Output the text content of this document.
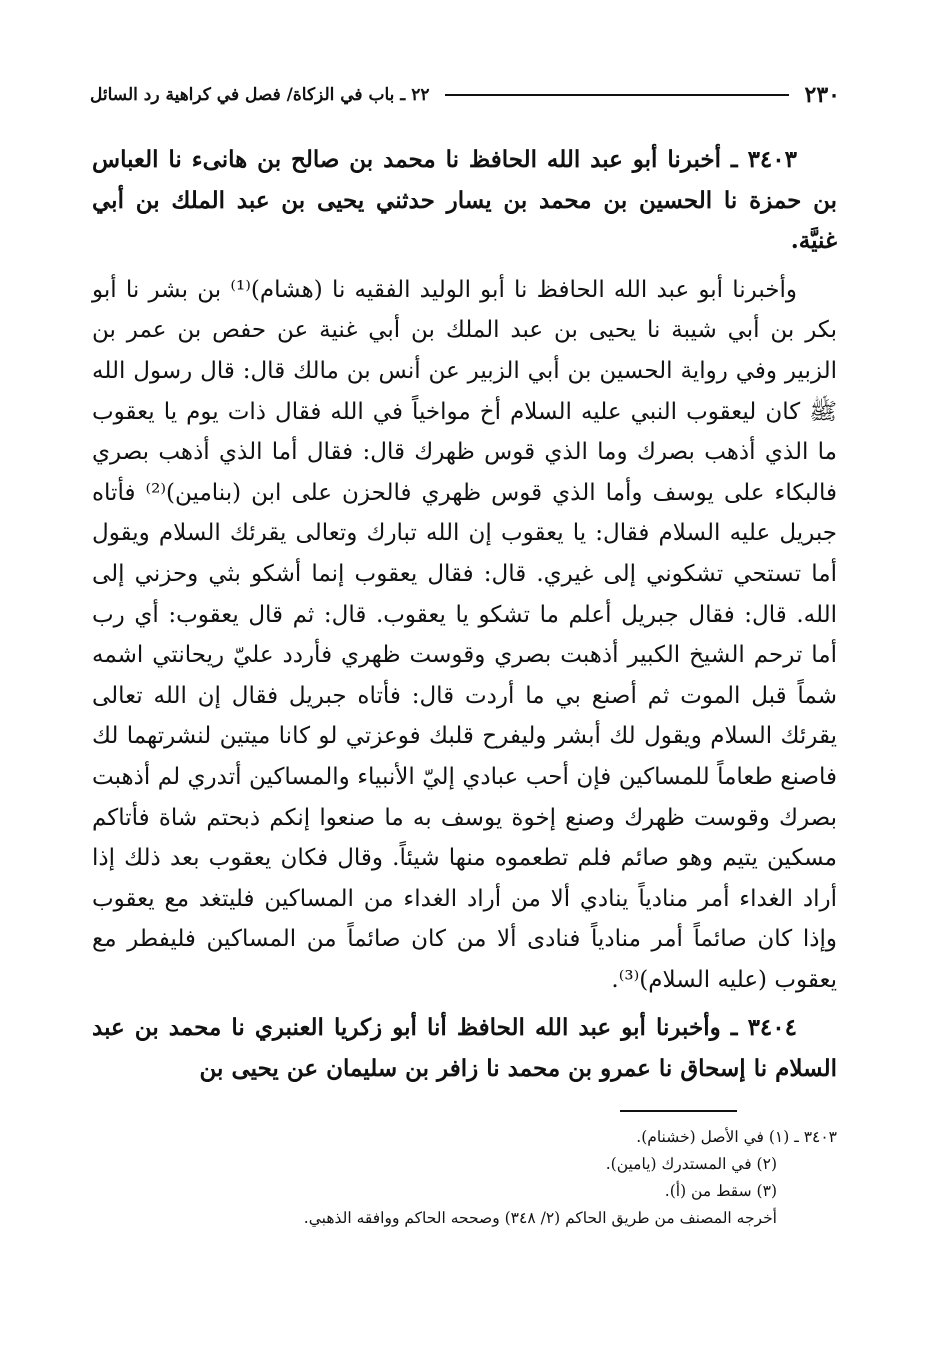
٢٣٠
٢٢ ـ باب في الزكاة/ فصل في كراهية رد السائل

٣٤٠٣ ـ أخبرنا أبو عبد الله الحافظ نا محمد بن صالح بن هانىء نا العباس بن حمزة نا الحسين بن محمد بن يسار حدثني يحيى بن عبد الملك بن أبي غنيَّة.

وأخبرنا أبو عبد الله الحافظ نا أبو الوليد الفقيه نا (هشام)⁽¹⁾ بن بشر نا أبو بكر بن أبي شيبة نا يحيى بن عبد الملك بن أبي غنية عن حفص بن عمر بن الزبير وفي رواية الحسين بن أبي الزبير عن أنس بن مالك قال: قال رسول الله ﷺ كان ليعقوب النبي عليه السلام أخ مواخياً في الله فقال ذات يوم يا يعقوب ما الذي أذهب بصرك وما الذي قوس ظهرك قال: فقال أما الذي أذهب بصري فالبكاء على يوسف وأما الذي قوس ظهري فالحزن على ابن (بنامين)⁽²⁾ فأتاه جبريل عليه السلام فقال: يا يعقوب إن الله تبارك وتعالى يقرئك السلام ويقول أما تستحي تشكوني إلى غيري. قال: فقال يعقوب إنما أشكو بثي وحزني إلى الله. قال: فقال جبريل أعلم ما تشكو يا يعقوب. قال: ثم قال يعقوب: أي رب أما ترحم الشيخ الكبير أذهبت بصري وقوست ظهري فأردد عليّ ريحانتي اشمه شماً قبل الموت ثم أصنع بي ما أردت قال: فأتاه جبريل فقال إن الله تعالى يقرئك السلام ويقول لك أبشر وليفرح قلبك فوعزتي لو كانا ميتين لنشرتهما لك فاصنع طعاماً للمساكين فإن أحب عبادي إليّ الأنبياء والمساكين أتدري لم أذهبت بصرك وقوست ظهرك وصنع إخوة يوسف به ما صنعوا إنكم ذبحتم شاة فأتاكم مسكين يتيم وهو صائم فلم تطعموه منها شيئاً. وقال فكان يعقوب بعد ذلك إذا أراد الغداء أمر منادياً ينادي ألا من أراد الغداء من المساكين فليتغد مع يعقوب وإذا كان صائماً أمر منادياً فنادى ألا من كان صائماً من المساكين فليفطر مع يعقوب (عليه السلام)⁽³⁾.

٣٤٠٤ ـ وأخبرنا أبو عبد الله الحافظ أنا أبو زكريا العنبري نا محمد بن عبد السلام نا إسحاق نا عمرو بن محمد نا زافر بن سليمان عن يحيى بن

٣٤٠٣ ـ (١) في الأصل (خشنام).

(٢) في المستدرك (يامين).

(٣) سقط من (أ).

أخرجه المصنف من طريق الحاكم (٢/ ٣٤٨) وصححه الحاكم ووافقه الذهبي.
